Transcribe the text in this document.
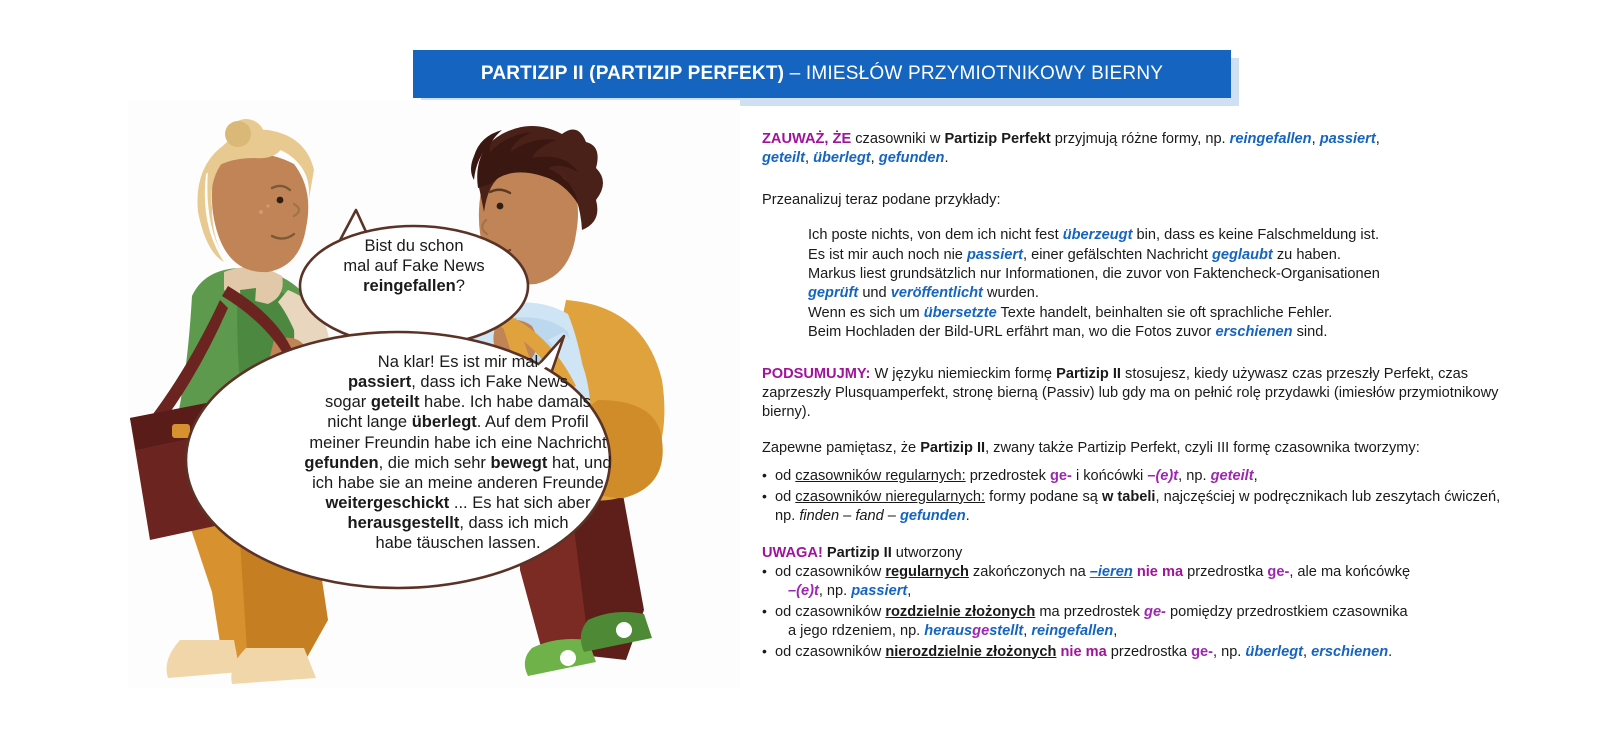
PARTIZIP II (PARTIZIP PERFEKT) – IMIESŁÓW PRZYMIOTNIKOWY BIERNY
Bist du schon
mal auf Fake News
reingefallen?
Na klar! Es ist mir mal
passiert, dass ich Fake News
sogar geteilt habe. Ich habe damals
nicht lange überlegt. Auf dem Profil
meiner Freundin habe ich eine Nachricht
gefunden, die mich sehr bewegt hat, und
ich habe sie an meine anderen Freunde
weitergeschickt ... Es hat sich aber
herausgestellt, dass ich mich
habe täuschen lassen.

ZAUWAŻ, ŻE czasowniki w Partizip Perfekt przyjmują różne formy, np. reingefallen, passiert,
geteilt, überlegt, gefunden.

Przeanalizuj teraz podane przykłady:

Ich poste nichts, von dem ich nicht fest überzeugt bin, dass es keine Falschmeldung ist.

Es ist mir auch noch nie passiert, einer gefälschten Nachricht geglaubt zu haben.

Markus liest grundsätzlich nur Informationen, die zuvor von Faktencheck-Organisationen

geprüft und veröffentlicht wurden.

Wenn es sich um übersetzte Texte handelt, beinhalten sie oft sprachliche Fehler.

Beim Hochladen der Bild-URL erfährt man, wo die Fotos zuvor erschienen sind.

PODSUMUJMY: W języku niemieckim formę Partizip II stosujesz, kiedy używasz czas przeszły Perfekt, czas zaprzeszły Plusquamperfekt, stronę bierną (Passiv) lub gdy ma on pełnić rolę przydawki (imiesłów przymiotnikowy bierny).

Zapewne pamiętasz, że Partizip II, zwany także Partizip Perfekt, czyli III formę czasownika tworzymy:

• od czasowników regularnych: przedrostek ge- i końcówki –(e)t, np. geteilt,
• od czasowników nieregularnych: formy podane są w tabeli, najczęściej w podręcznikach lub zeszytach ćwiczeń, np. finden – fand – gefunden.

UWAGA! Partizip II utworzony

• od czasowników regularnych zakończonych na –ieren nie ma przedrostka ge-, ale ma końcówkę
–(e)t, np. passiert,
• od czasowników rozdzielnie złożonych ma przedrostek ge- pomiędzy przedrostkiem czasownika
a jego rdzeniem, np. herausgestellt, reingefallen,
• od czasowników nierozdzielnie złożonych nie ma przedrostka ge-, np. überlegt, erschienen.
